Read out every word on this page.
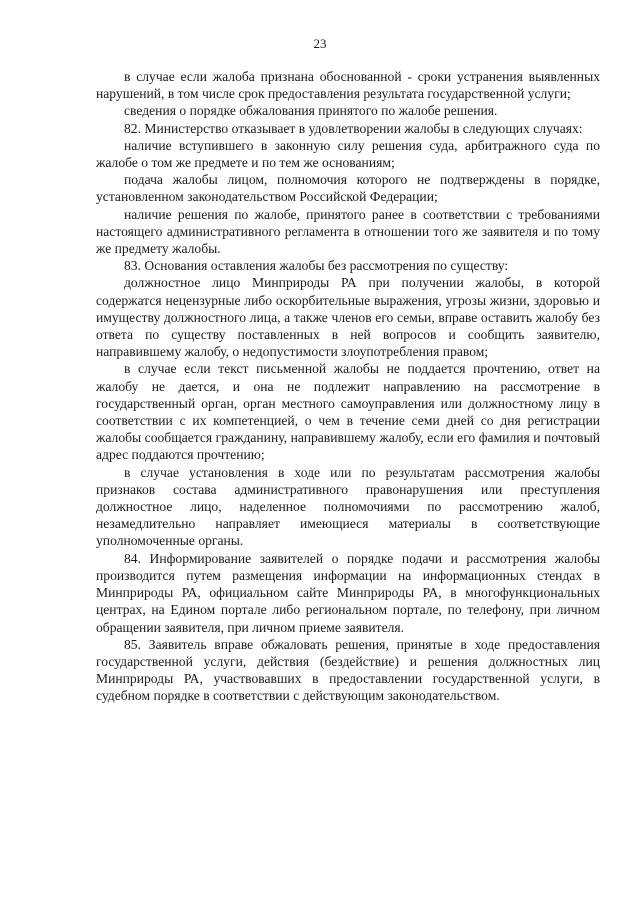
23

в случае если жалоба признана обоснованной - сроки устранения выявленных нарушений, в том числе срок предоставления результата государственной услуги;

сведения о порядке обжалования принятого по жалобе решения.

82. Министерство отказывает в удовлетворении жалобы в следующих случаях:

наличие вступившего в законную силу решения суда, арбитражного суда по жалобе о том же предмете и по тем же основаниям;

подача жалобы лицом, полномочия которого не подтверждены в порядке, установленном законодательством Российской Федерации;

наличие решения по жалобе, принятого ранее в соответствии с требованиями настоящего административного регламента в отношении того же заявителя и по тому же предмету жалобы.

83. Основания оставления жалобы без рассмотрения по существу:

должностное лицо Минприроды РА при получении жалобы, в которой содержатся нецензурные либо оскорбительные выражения, угрозы жизни, здоровью и имуществу должностного лица, а также членов его семьи, вправе оставить жалобу без ответа по существу поставленных в ней вопросов и сообщить заявителю, направившему жалобу, о недопустимости злоупотребления правом;

в случае если текст письменной жалобы не поддается прочтению, ответ на жалобу не дается, и она не подлежит направлению на рассмотрение в государственный орган, орган местного самоуправления или должностному лицу в соответствии с их компетенцией, о чем в течение семи дней со дня регистрации жалобы сообщается гражданину, направившему жалобу, если его фамилия и почтовый адрес поддаются прочтению;

в случае установления в ходе или по результатам рассмотрения жалобы признаков состава административного правонарушения или преступления должностное лицо, наделенное полномочиями по рассмотрению жалоб, незамедлительно направляет имеющиеся материалы в соответствующие уполномоченные органы.

84. Информирование заявителей о порядке подачи и рассмотрения жалобы производится путем размещения информации на информационных стендах в Минприроды РА, официальном сайте Минприроды РА, в многофункциональных центрах, на Едином портале либо региональном портале, по телефону, при личном обращении заявителя, при личном приеме заявителя.

85. Заявитель вправе обжаловать решения, принятые в ходе предоставления государственной услуги, действия (бездействие) и решения должностных лиц Минприроды РА, участвовавших в предоставлении государственной услуги, в судебном порядке в соответствии с действующим законодательством.
